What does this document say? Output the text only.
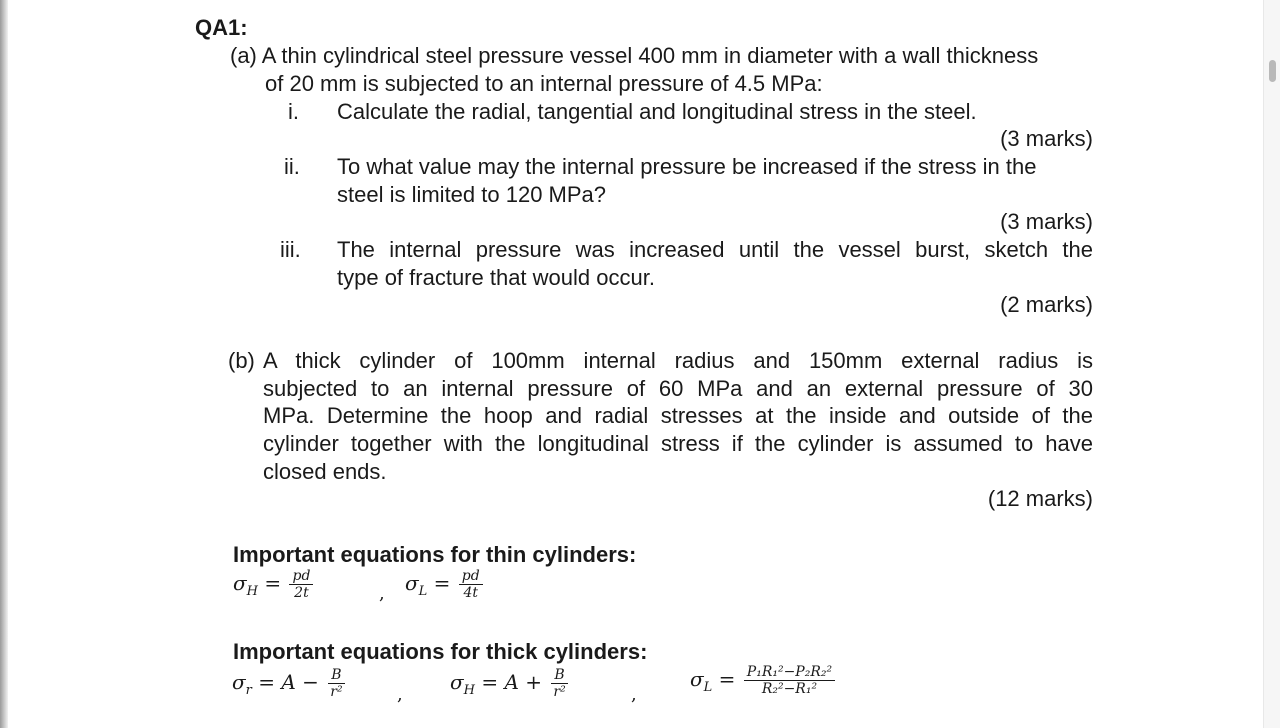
QA1:
(a) A thin cylindrical steel pressure vessel 400 mm in diameter with a wall thickness
of 20 mm is subjected to an internal pressure of 4.5 MPa:
i. Calculate the radial, tangential and longitudinal stress in the steel.
(3 marks)
ii. To what value may the internal pressure be increased if the stress in the
steel is limited to 120 MPa?
(3 marks)
iii. The internal pressure was increased until the vessel burst, sketch the
type of fracture that would occur.
(2 marks)
(b) A thick cylinder of 100mm internal radius and 150mm external radius is
subjected to an internal pressure of 60 MPa and an external pressure of 30
MPa. Determine the hoop and radial stresses at the inside and outside of the
cylinder together with the longitudinal stress if the cylinder is assumed to have
closed ends.
(12 marks)
Important equations for thin cylinders:
$\sigma_H = \frac{pd}{2t}$	, $\sigma_L = \frac{pd}{4t}$
Important equations for thick cylinders:
$\sigma_r = A - \frac{B}{\text{r²}}$	,
$\sigma_H = A + \frac{B}{\text{r²}}$	,
$\sigma_L = \frac{\text{P₁R₁²−P₂R₂²}}{\text{R₂²−R₁²}}$
